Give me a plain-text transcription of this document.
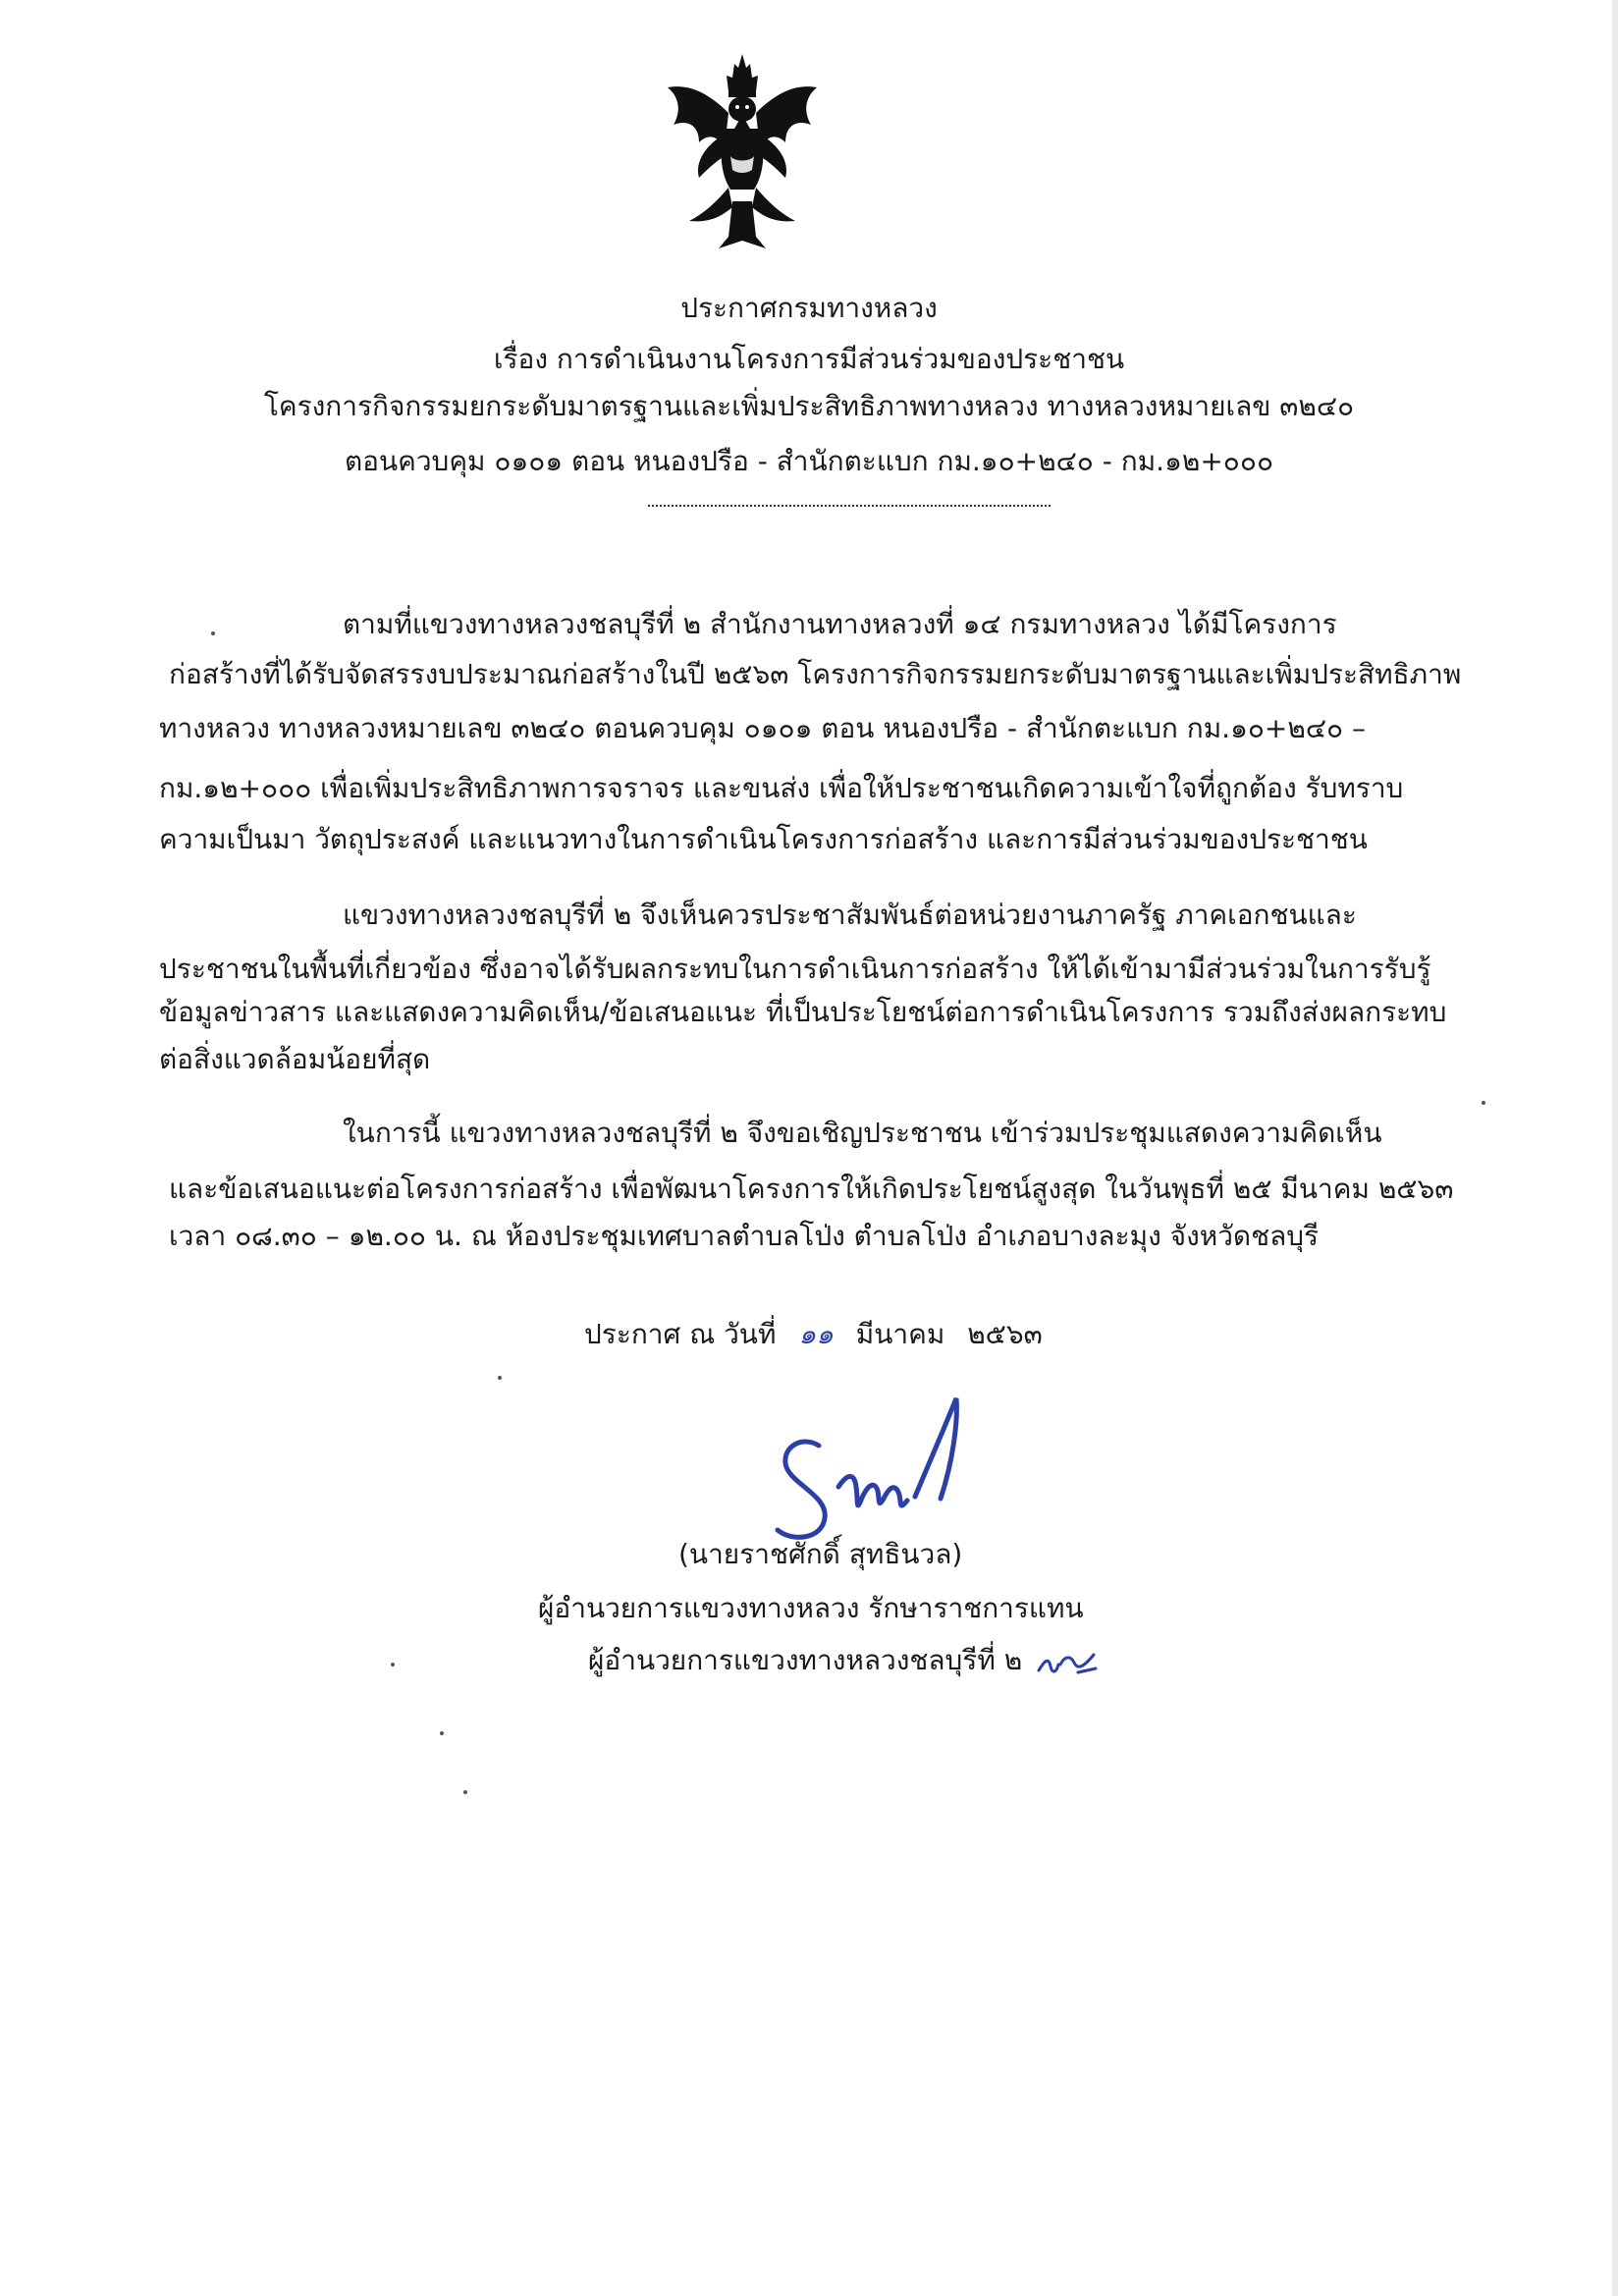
ประกาศกรมทางหลวง
เรื่อง การดำเนินงานโครงการมีส่วนร่วมของประชาชน
โครงการกิจกรรมยกระดับมาตรฐานและเพิ่มประสิทธิภาพทางหลวง ทางหลวงหมายเลข ๓๒๔๐
ตอนควบคุม ๐๑๐๑ ตอน หนองปรือ - สำนักตะแบก กม.๑๐+๒๔๐ - กม.๑๒+๐๐๐
ตามที่แขวงทางหลวงชลบุรีที่ ๒ สำนักงานทางหลวงที่ ๑๔ กรมทางหลวง ได้มีโครงการ
ก่อสร้างที่ได้รับจัดสรรงบประมาณก่อสร้างในปี ๒๕๖๓ โครงการกิจกรรมยกระดับมาตรฐานและเพิ่มประสิทธิภาพ
ทางหลวง ทางหลวงหมายเลข ๓๒๔๐ ตอนควบคุม ๐๑๐๑ ตอน หนองปรือ - สำนักตะแบก กม.๑๐+๒๔๐ –
กม.๑๒+๐๐๐ เพื่อเพิ่มประสิทธิภาพการจราจร และขนส่ง เพื่อให้ประชาชนเกิดความเข้าใจที่ถูกต้อง รับทราบ
ความเป็นมา วัตถุประสงค์ และแนวทางในการดำเนินโครงการก่อสร้าง และการมีส่วนร่วมของประชาชน
แขวงทางหลวงชลบุรีที่ ๒ จึงเห็นควรประชาสัมพันธ์ต่อหน่วยงานภาครัฐ ภาคเอกชนและ
ประชาชนในพื้นที่เกี่ยวข้อง ซึ่งอาจได้รับผลกระทบในการดำเนินการก่อสร้าง ให้ได้เข้ามามีส่วนร่วมในการรับรู้
ข้อมูลข่าวสาร และแสดงความคิดเห็น/ข้อเสนอแนะ ที่เป็นประโยชน์ต่อการดำเนินโครงการ รวมถึงส่งผลกระทบ
ต่อสิ่งแวดล้อมน้อยที่สุด
ในการนี้ แขวงทางหลวงชลบุรีที่ ๒ จึงขอเชิญประชาชน เข้าร่วมประชุมแสดงความคิดเห็น
และข้อเสนอแนะต่อโครงการก่อสร้าง เพื่อพัฒนาโครงการให้เกิดประโยชน์สูงสุด ในวันพุธที่ ๒๕ มีนาคม ๒๕๖๓
เวลา ๐๘.๓๐ – ๑๒.๐๐ น. ณ ห้องประชุมเทศบาลตำบลโป่ง ตำบลโป่ง อำเภอบางละมุง จังหวัดชลบุรี
ประกาศ ณ วันที่ ๑๑ มีนาคม ๒๕๖๓
(นายราชศักดิ์ สุทธินวล)
ผู้อำนวยการแขวงทางหลวง รักษาราชการแทน
ผู้อำนวยการแขวงทางหลวงชลบุรีที่ ๒
